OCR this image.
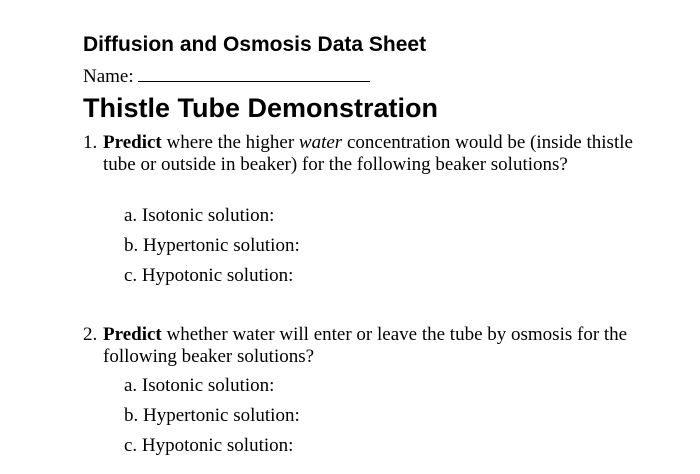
Diffusion and Osmosis Data Sheet
Name:
Thistle Tube Demonstration
1. Predict where the higher water concentration would be (inside thistle tube or outside in beaker) for the following beaker solutions?
a. Isotonic solution:
b. Hypertonic solution:
c. Hypotonic solution:
2. Predict whether water will enter or leave the tube by osmosis for the following beaker solutions?
a. Isotonic solution:
b. Hypertonic solution:
c. Hypotonic solution:
